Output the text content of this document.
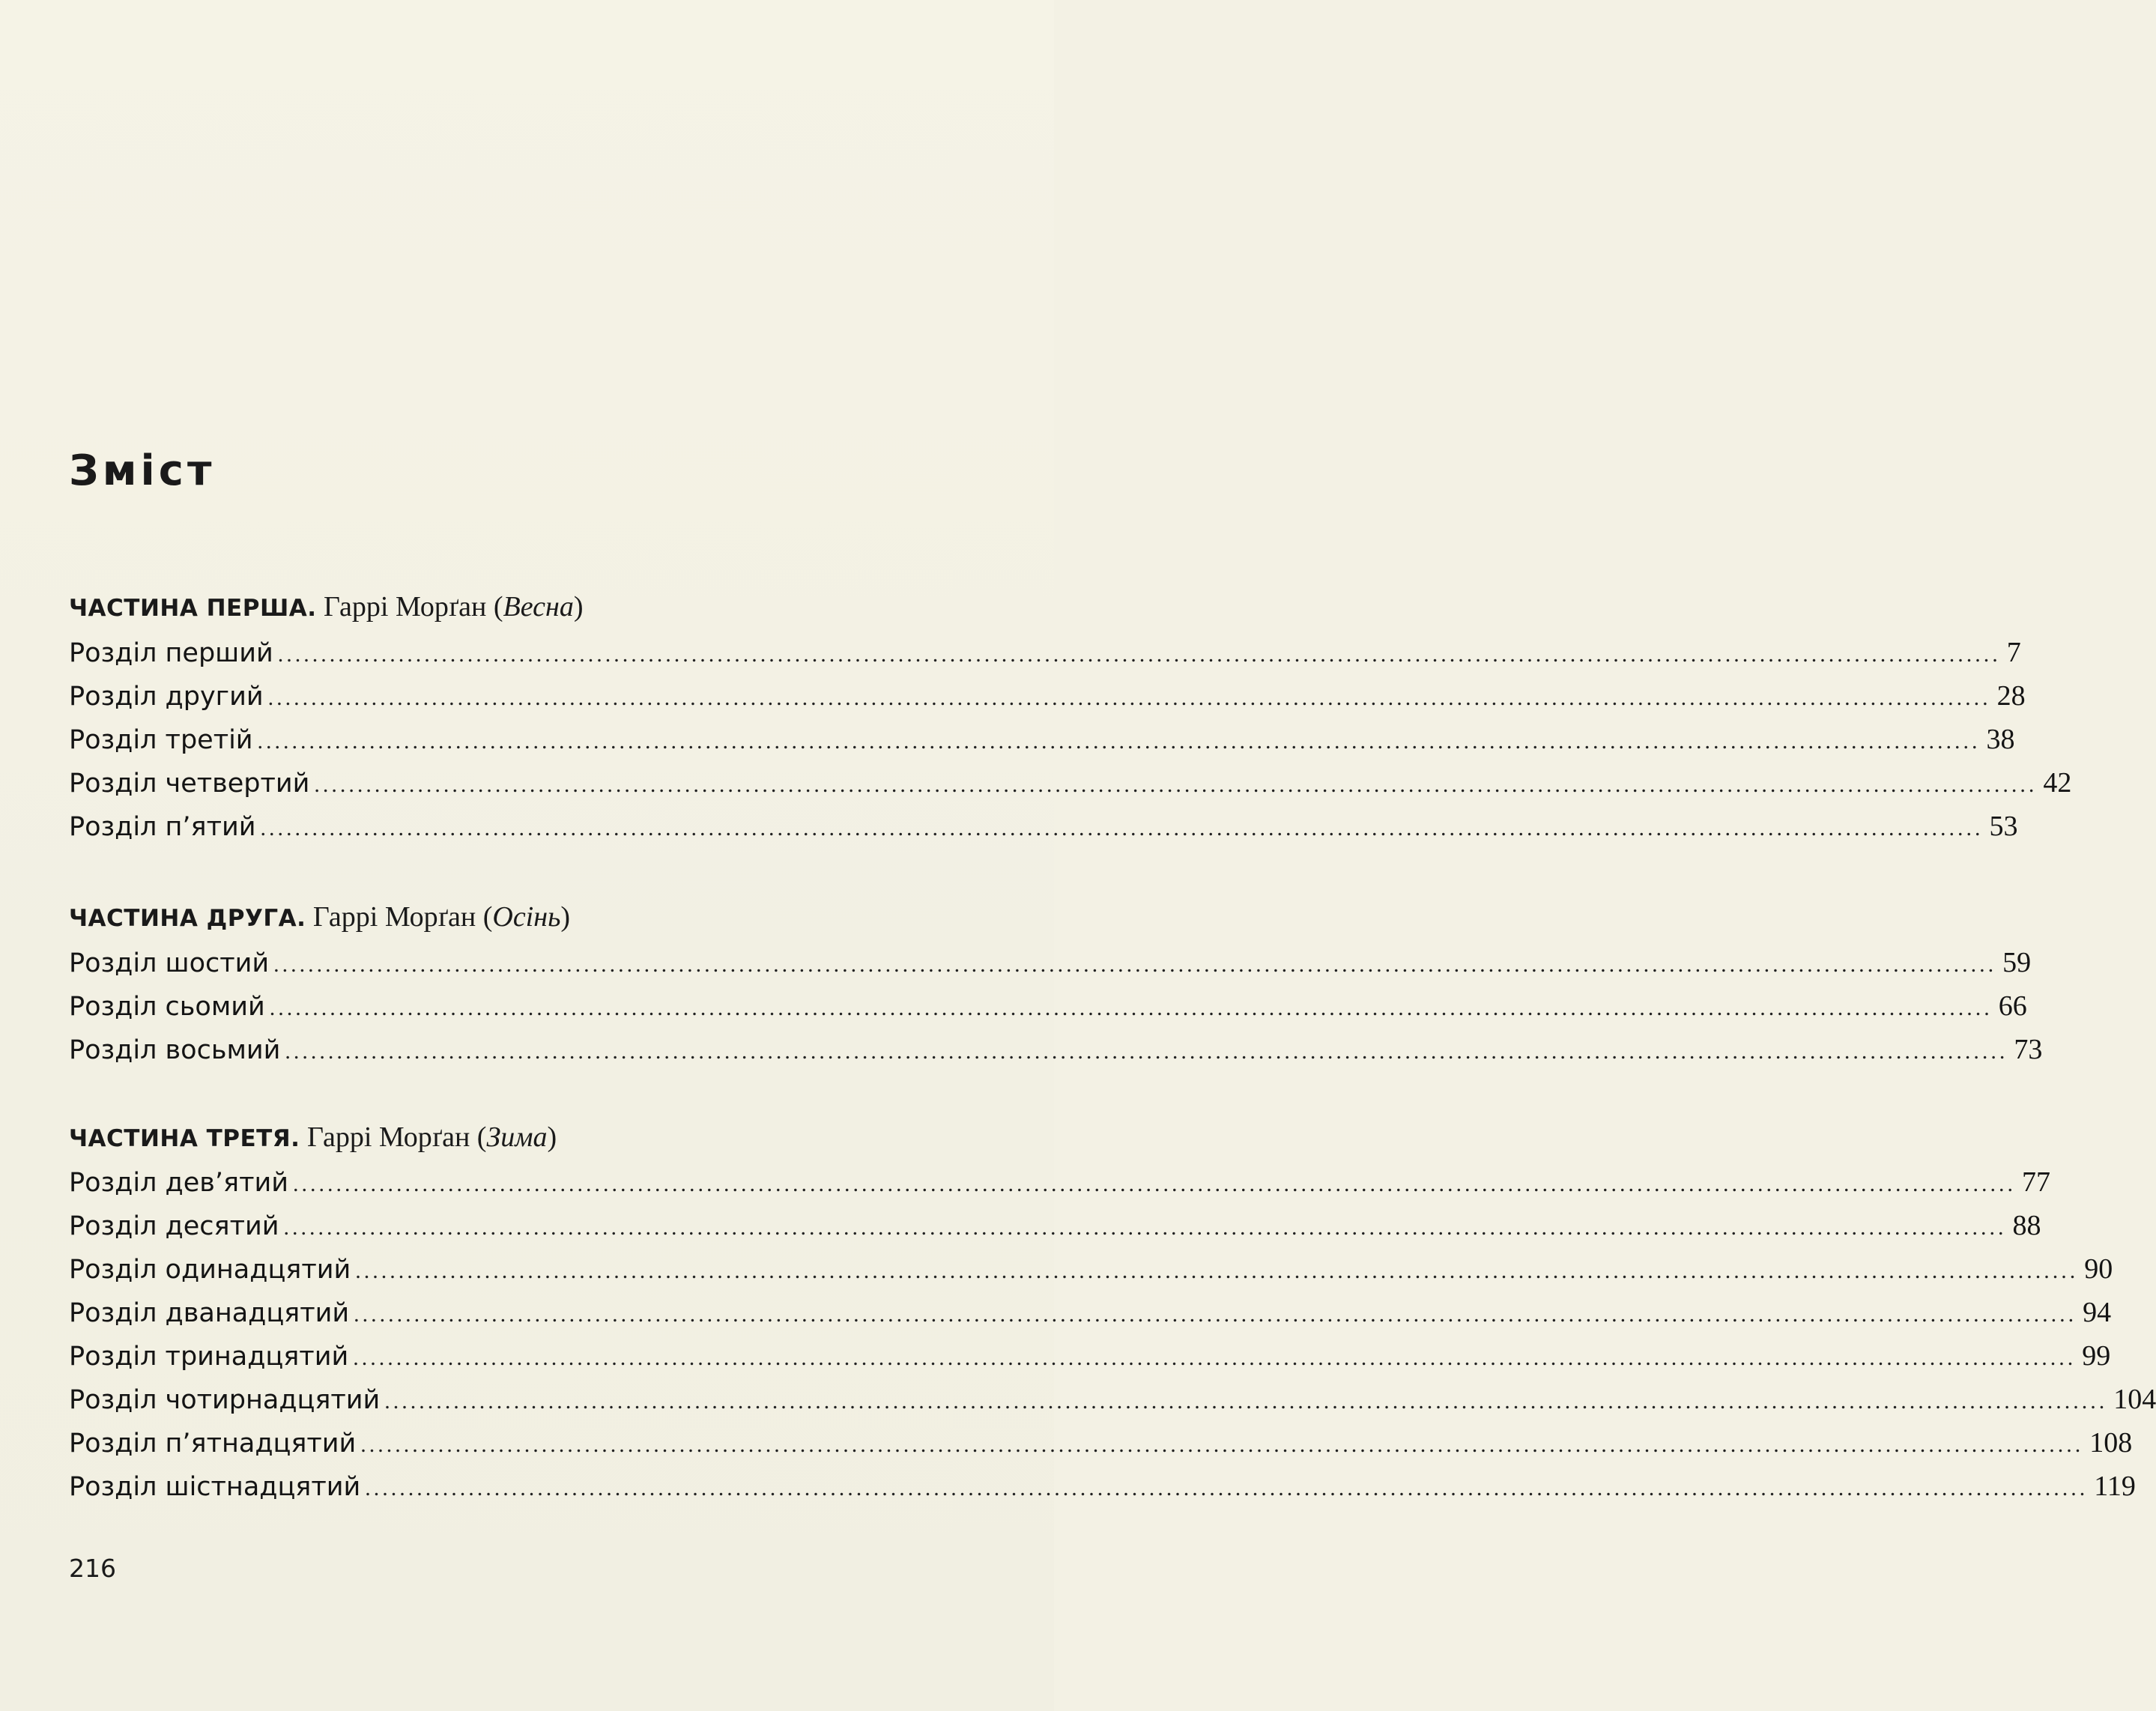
Зміст
ЧАСТИНА ПЕРША. Гаррі Морґан (Весна)
Розділ перший ........................................................................................................................................................................................................ 7
Розділ другий ........................................................................................................................................................................................................ 28
Розділ третій ........................................................................................................................................................................................................ 38
Розділ четвертий ........................................................................................................................................................................................................ 42
Розділ п’ятий ........................................................................................................................................................................................................ 53
ЧАСТИНА ДРУГА. Гаррі Морґан (Осінь)
Розділ шостий ........................................................................................................................................................................................................ 59
Розділ сьомий ........................................................................................................................................................................................................ 66
Розділ восьмий ........................................................................................................................................................................................................ 73
ЧАСТИНА ТРЕТЯ. Гаррі Морґан (Зима)
Розділ дев’ятий ........................................................................................................................................................................................................ 77
Розділ десятий ........................................................................................................................................................................................................ 88
Розділ одинадцятий ........................................................................................................................................................................................................ 90
Розділ дванадцятий ........................................................................................................................................................................................................ 94
Розділ тринадцятий ........................................................................................................................................................................................................ 99
Розділ чотирнадцятий ........................................................................................................................................................................................................ 104
Розділ п’ятнадцятий ........................................................................................................................................................................................................ 108
Розділ шістнадцятий ........................................................................................................................................................................................................ 119
216
